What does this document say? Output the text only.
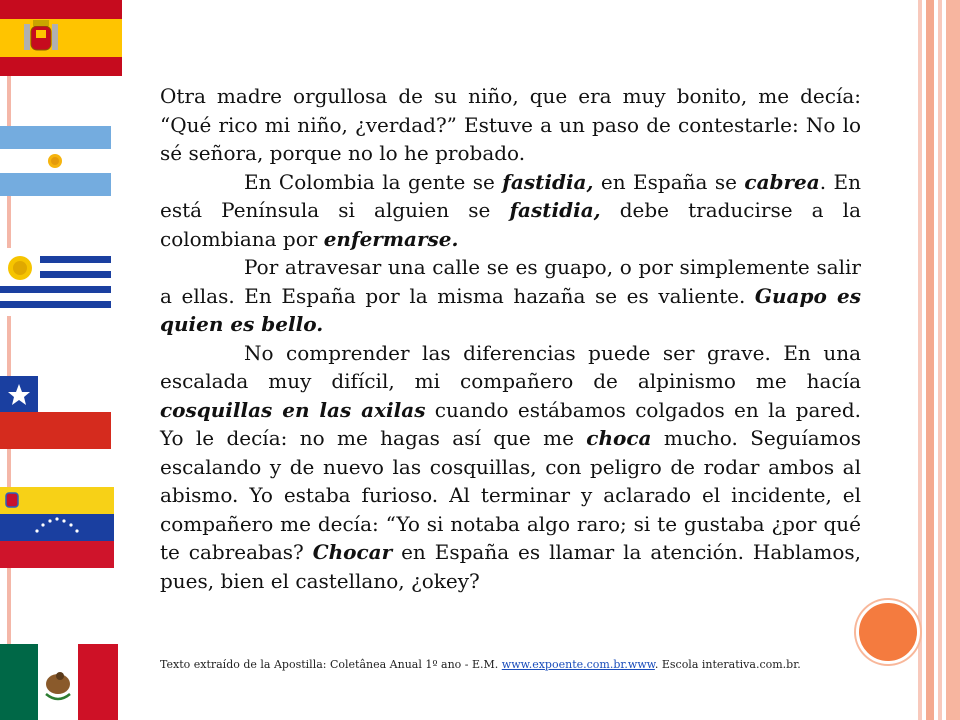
Otra madre orgullosa de su niño, que era muy bonito, me decía: “Qué rico mi niño, ¿verdad?” Estuve a un paso de contestarle: No lo sé señora, porque no lo he probado.

En Colombia la gente se fastidia, en España se cabrea. En está Península si alguien se fastidia, debe traducirse a la colombiana por enfermarse.

Por atravesar una calle se es guapo, o por simplemente salir a ellas. En España por la misma hazaña se es valiente. Guapo es quien es bello.

No comprender las diferencias puede ser grave. En una escalada muy difícil, mi compañero de alpinismo me hacía cosquillas en las axilas cuando estábamos colgados en la pared. Yo le decía: no me hagas así que me choca mucho. Seguíamos escalando y de nuevo las cosquillas, con peligro de rodar ambos al abismo. Yo estaba furioso. Al terminar y aclarado el incidente, el compañero me decía: “Yo si notaba algo raro; si te gustaba ¿por qué te cabreabas? Chocar en España es llamar la atención. Hablamos, pues, bien el castellano, ¿okey?

Texto extraído de la Apostilla: Coletânea Anual 1º ano - E.M. www.expoente.com.br.www. Escola interativa.com.br.
